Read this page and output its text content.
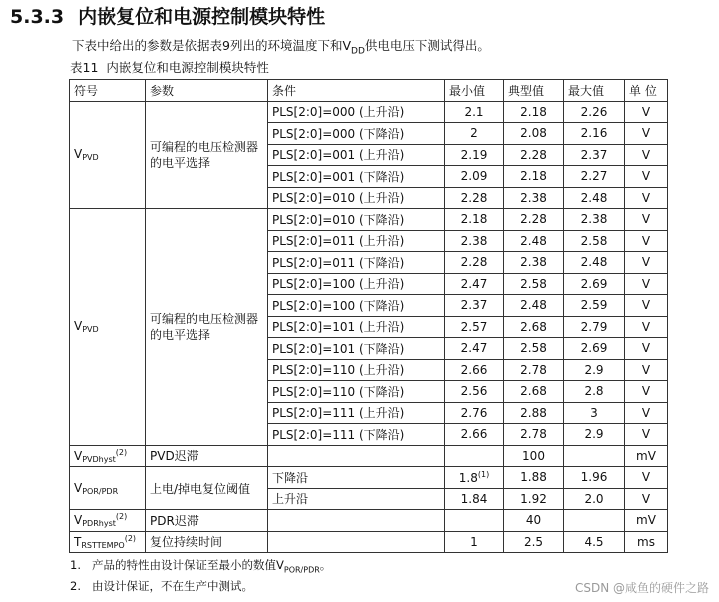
5.3.3 内嵌复位和电源控制模块特性
下表中给出的参数是依据表9列出的环境温度下和$V_{DD}$供电电压下测试得出。
表11 内嵌复位和电源控制模块特性
符号	参数	条件	最小值	典型值	最大值	单 位
$V_{PVD}$	可编程的电压检测器的电平选择	PLS[2:0]=000 (上升沿)	2.1	2.18	2.26	V
		PLS[2:0]=000 (下降沿)	2	2.08	2.16	V
		PLS[2:0]=001 (上升沿)	2.19	2.28	2.37	V
		PLS[2:0]=001 (下降沿)	2.09	2.18	2.27	V
		PLS[2:0]=010 (上升沿)	2.28	2.38	2.48	V
$V_{PVD}$	可编程的电压检测器的电平选择	PLS[2:0]=010 (下降沿)	2.18	2.28	2.38	V
		PLS[2:0]=011 (上升沿)	2.38	2.48	2.58	V
		PLS[2:0]=011 (下降沿)	2.28	2.38	2.48	V
		PLS[2:0]=100 (上升沿)	2.47	2.58	2.69	V
		PLS[2:0]=100 (下降沿)	2.37	2.48	2.59	V
		PLS[2:0]=101 (上升沿)	2.57	2.68	2.79	V
		PLS[2:0]=101 (下降沿)	2.47	2.58	2.69	V
		PLS[2:0]=110 (上升沿)	2.66	2.78	2.9	V
		PLS[2:0]=110 (下降沿)	2.56	2.68	2.8	V
		PLS[2:0]=111 (上升沿)	2.76	2.88	3	V
		PLS[2:0]=111 (下降沿)	2.66	2.78	2.9	V
$V_{PVDhyst}^{(2)}$	PVD迟滞			100		mV
$V_{POR/PDR}$	上电/掉电复位阈值	下降沿	1.8$^{(1)}$	1.88	1.96	V
		上升沿	1.84	1.92	2.0	V
$V_{PDRhyst}^{(2)}$	PDR迟滞			40		mV
$T_{RSTTEMPO}^{(2)}$	复位持续时间		1	2.5	4.5	ms
1. 产品的特性由设计保证至最小的数值$V_{POR/PDR}$。
2. 由设计保证，不在生产中测试。	CSDN @咸鱼的硬件之路
